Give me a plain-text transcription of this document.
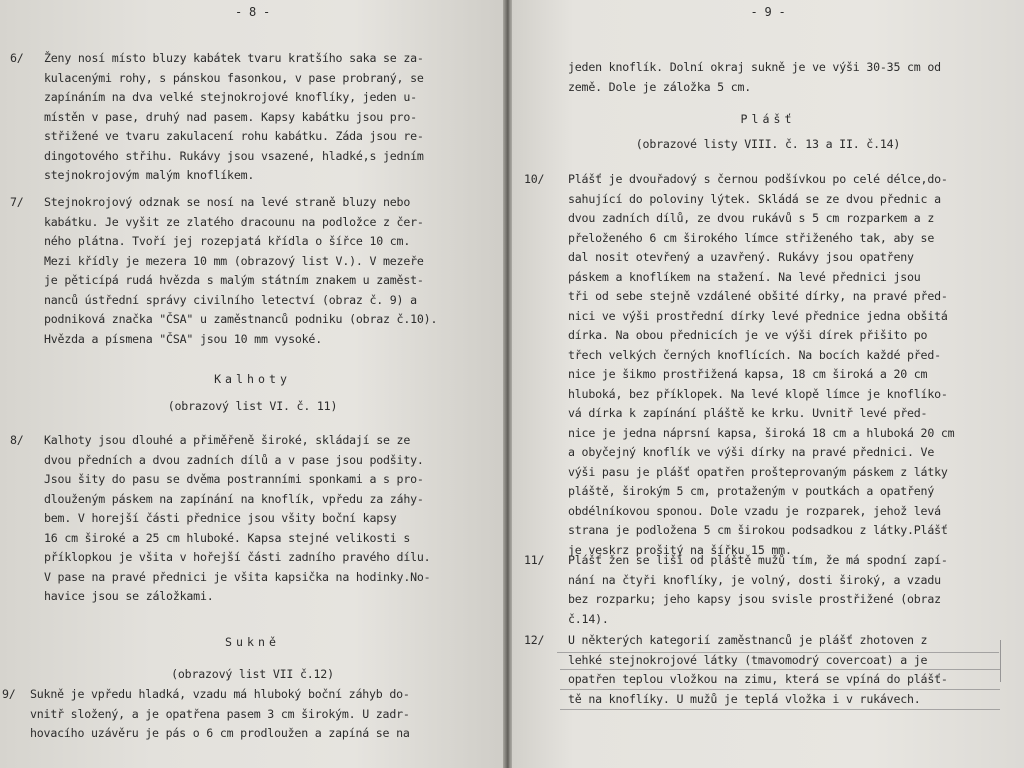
- 8 -
6/ Ženy nosí místo bluzy kabátek tvaru kratšího saka se za-
kulacenými rohy, s pánskou fasonkou, v pase probraný, se
zapínáním na dva velké stejnokrojové knoflíky, jeden u-
místěn v pase, druhý nad pasem. Kapsy kabátku jsou pro-
střižené ve tvaru zakulacení rohu kabátku. Záda jsou re-
dingotového střihu. Rukávy jsou vsazené, hladké,s jedním
stejnokrojovým malým knoflíkem.
7/ Stejnokrojový odznak se nosí na levé straně bluzy nebo
kabátku. Je vyšit ze zlatého dracounu na podložce z čer-
ného plátna. Tvoří jej rozepjatá křídla o šířce 10 cm.
Mezi křídly je mezera 10 mm (obrazový list V.). V mezeře
je pěticípá rudá hvězda s malým státním znakem u zaměst-
nanců ústřední správy civilního letectví (obraz č. 9) a
podniková značka "ČSA" u zaměstnanců podniku (obraz č.10).
Hvězda a písmena "ČSA" jsou 10 mm vysoké.
Kalhoty
(obrazový list VI. č. 11)
8/ Kalhoty jsou dlouhé a přiměřeně široké, skládají se ze
dvou předních a dvou zadních dílů a v pase jsou podšity.
Jsou šity do pasu se dvěma postranními sponkami a s pro-
dlouženým páskem na zapínání na knoflík, vpředu za záhy-
bem. V horejší části přednice jsou všity boční kapsy
16 cm široké a 25 cm hluboké. Kapsa stejné velikosti s
příklopkou je všita v hořejší části zadního pravého dílu.
V pase na pravé přednici je všita kapsička na hodinky.No-
havice jsou se záložkami.
Sukně
(obrazový list VII č.12)
9/ Sukně je vpředu hladká, vzadu má hluboký boční záhyb do-
vnitř složený, a je opatřena pasem 3 cm širokým. U zadr-
hovacího uzávěru je pás o 6 cm prodloužen a zapíná se na
- 9 -
jeden knoflík. Dolní okraj sukně je ve výši 30-35 cm od
země. Dole je záložka 5 cm.
Plášť
(obrazové listy VIII. č. 13 a II. č.14)
10/ Plášť je dvouřadový s černou podšívkou po celé délce,do-
sahující do poloviny lýtek. Skládá se ze dvou přednic a
dvou zadních dílů, ze dvou rukávů s 5 cm rozparkem a z
přeloženého 6 cm širokého límce střiženého tak, aby se
dal nosit otevřený a uzavřený. Rukávy jsou opatřeny
páskem a knoflíkem na stažení. Na levé přednici jsou
tři od sebe stejně vzdálené obšité dírky, na pravé před-
nici ve výši prostřední dírky levé přednice jedna obšitá
dírka. Na obou přednicích je ve výši dírek přišito po
třech velkých černých knoflících. Na bocích každé před-
nice je šikmo prostřižená kapsa, 18 cm široká a 20 cm
hluboká, bez příklopek. Na levé klopě límce je knoflíko-
vá dírka k zapínání pláště ke krku. Uvnitř levé před-
nice je jedna náprsní kapsa, široká 18 cm a hluboká 20 cm
a obyčejný knoflík ve výši dírky na pravé přednici. Ve
výši pasu je plášť opatřen prošteprovaným páskem z látky
pláště, širokým 5 cm, protaženým v poutkách a opatřený
obdélníkovou sponou. Dole vzadu je rozparek, jehož levá
strana je podložena 5 cm širokou podsadkou z látky.Plášť
je veskrz prošitý na šířku 15 mm.
11/ Plášť žen se liší od pláště mužů tím, že má spodní zapí-
nání na čtyři knoflíky, je volný, dosti široký, a vzadu
bez rozparku; jeho kapsy jsou svisle prostřižené (obraz
č.14).
12/ U některých kategorií zaměstnanců je plášť zhotoven z
lehké stejnokrojové látky (tmavomodrý covercoat) a je
opatřen teplou vložkou na zimu, která se vpíná do plášť-
tě na knoflíky. U mužů je teplá vložka i v rukávech.
